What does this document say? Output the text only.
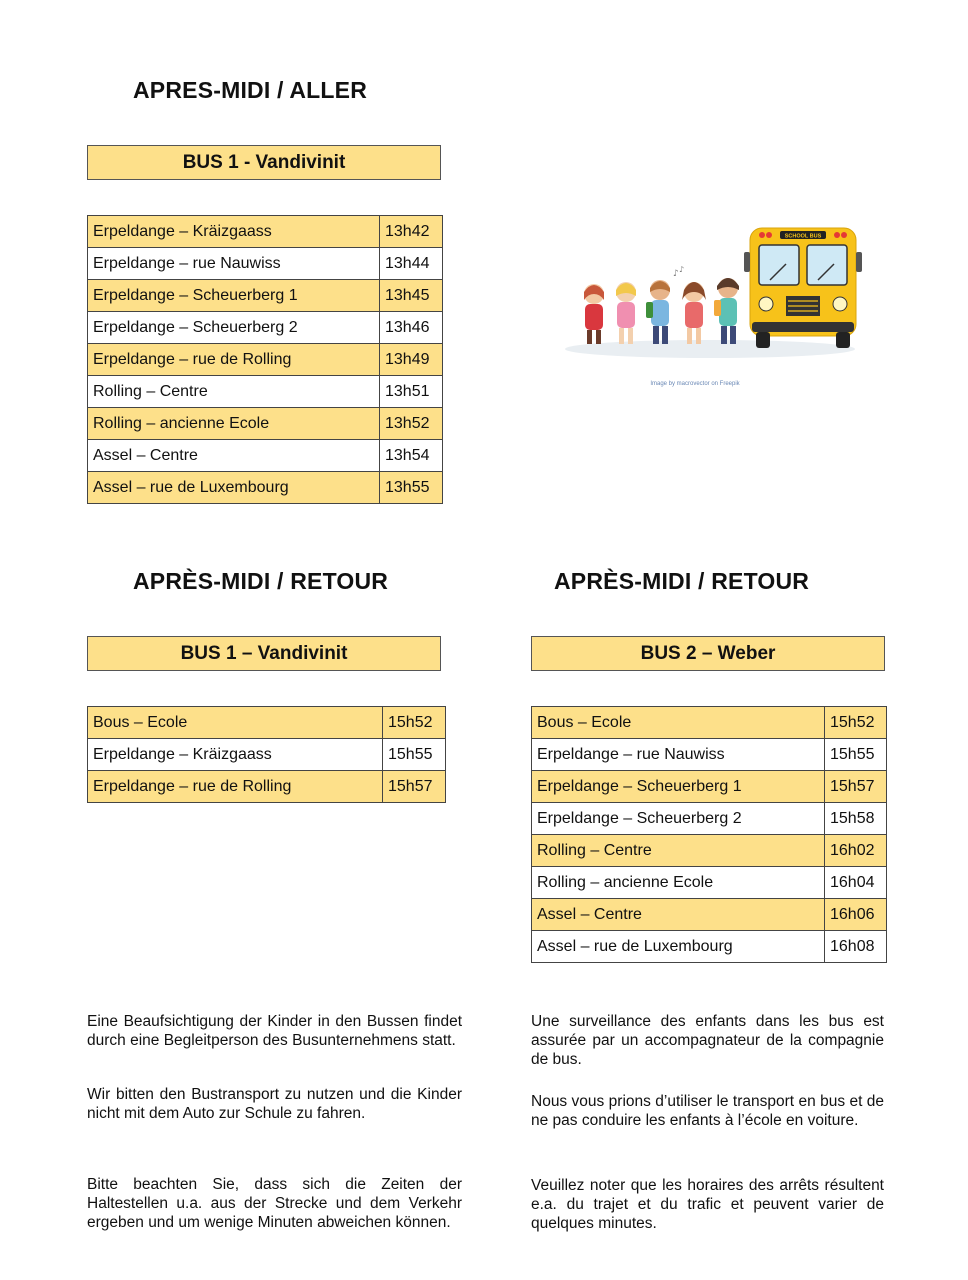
APRES-MIDI / ALLER
BUS 1 - Vandivinit
Erpeldange – Kräizgaass	13h42
Erpeldange – rue Nauwiss	13h44
Erpeldange – Scheuerberg 1	13h45
Erpeldange – Scheuerberg 2	13h46
Erpeldange – rue de Rolling	13h49
Rolling – Centre	13h51
Rolling – ancienne Ecole	13h52
Assel – Centre	13h54
Assel – rue de Luxembourg	13h55
♪ ♪
SCHOOL BUS
Image by macrovector on Freepik
APRÈS-MIDI / RETOUR
BUS 1 – Vandivinit
Bous – Ecole	15h52
Erpeldange – Kräizgaass	15h55
Erpeldange – rue de Rolling	15h57
APRÈS-MIDI / RETOUR
BUS 2 – Weber
Bous – Ecole	15h52
Erpeldange – rue Nauwiss	15h55
Erpeldange – Scheuerberg 1	15h57
Erpeldange – Scheuerberg 2	15h58
Rolling – Centre	16h02
Rolling – ancienne Ecole	16h04
Assel – Centre	16h06
Assel – rue de Luxembourg	16h08

Eine Beaufsichtigung der Kinder in den Bussen findet durch eine Begleitperson des Busunternehmens statt.

Wir bitten den Bustransport zu nutzen und die Kinder nicht mit dem Auto zur Schule zu fahren.

Bitte beachten Sie, dass sich die Zeiten der Haltestellen u.a. aus der Strecke und dem Verkehr ergeben und um wenige Minuten abweichen können.

Une surveillance des enfants dans les bus est assurée par un accompagnateur de la compagnie de bus.

Nous vous prions d’utiliser le transport en bus et de ne pas conduire les enfants à l’école en voiture.

Veuillez noter que les horaires des arrêts résultent e.a. du trajet et du trafic et peuvent varier de quelques minutes.
